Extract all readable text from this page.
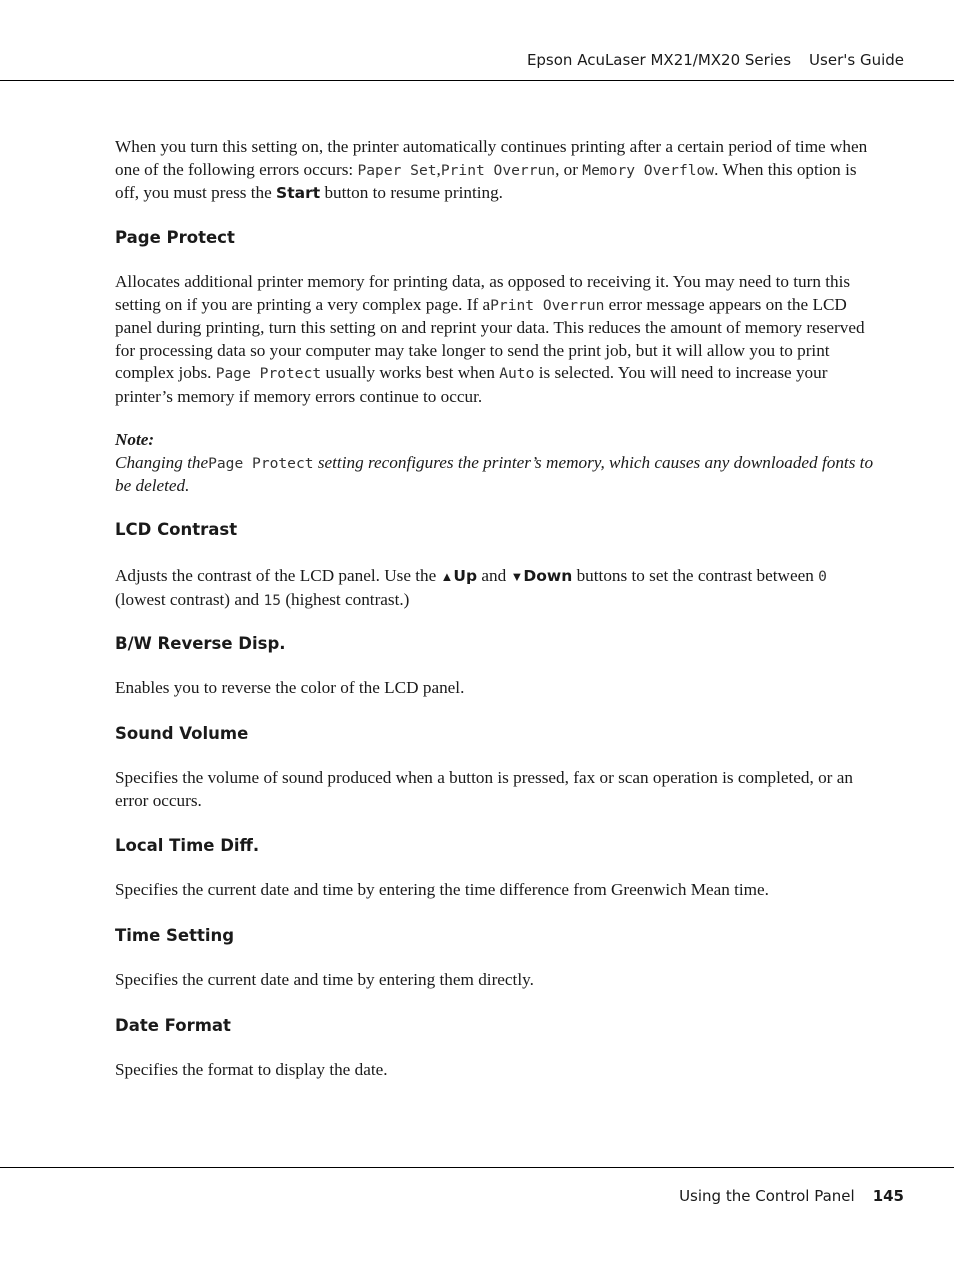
Epson AcuLaser MX21/MX20 Series User's Guide

When you turn this setting on, the printer automatically continues printing after a certain period of time when one of the following errors occurs: Paper Set,Print Overrun, or Memory Overflow. When this option is off, you must press the Start button to resume printing.

Page Protect

Allocates additional printer memory for printing data, as opposed to receiving it. You may need to turn this setting on if you are printing a very complex page. If aPrint Overrun error message appears on the LCD panel during printing, turn this setting on and reprint your data. This reduces the amount of memory reserved for processing data so your computer may take longer to send the print job, but it will allow you to print complex jobs. Page Protect usually works best when Auto is selected. You will need to increase your printer’s memory if memory errors continue to occur.

Note:

Changing thePage Protect setting reconfigures the printer’s memory, which causes any downloaded fonts to be deleted.

LCD Contrast

Adjusts the contrast of the LCD panel. Use the ▲Up and ▼Down buttons to set the contrast between 0 (lowest contrast) and 15 (highest contrast.)

B/W Reverse Disp.

Enables you to reverse the color of the LCD panel.

Sound Volume

Specifies the volume of sound produced when a button is pressed, fax or scan operation is completed, or an error occurs.

Local Time Diff.

Specifies the current date and time by entering the time difference from Greenwich Mean time.

Time Setting

Specifies the current date and time by entering them directly.

Date Format

Specifies the format to display the date.

Using the Control Panel 145
